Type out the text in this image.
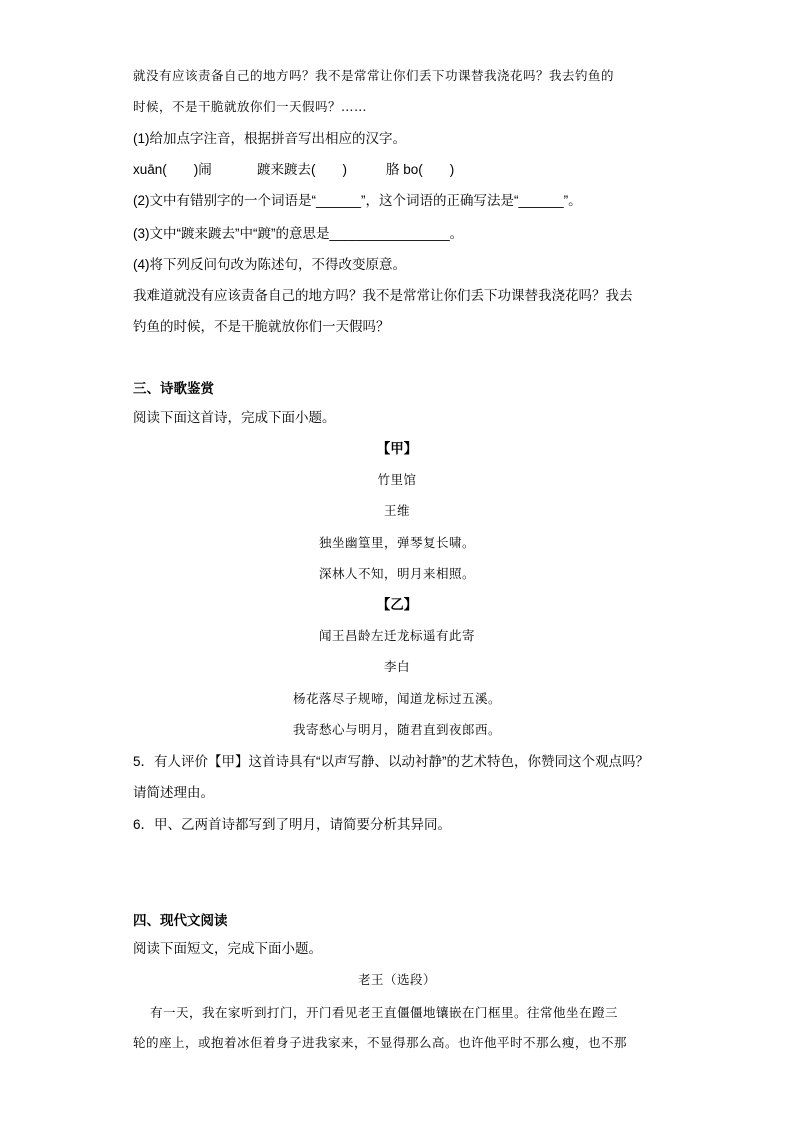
就没有应该责备自己的地方吗？我不是常常让你们丢下功课替我浇花吗？我去钓鱼的
时候，不是干脆就放你们一天假吗？……
(1)给加点字注音，根据拼音写出相应的汉字。
xuān(　　)闹	踱来踱去(　　)	胳 bo(　　)
(2)文中有错别字的一个词语是“______”，这个词语的正确写法是“______”。
(3)文中“踱来踱去”中“踱”的意思是________________。
(4)将下列反问句改为陈述句，不得改变原意。
我难道就没有应该责备自己的地方吗？我不是常常让你们丢下功课替我浇花吗？我去
钓鱼的时候，不是干脆就放你们一天假吗？
三、诗歌鉴赏
阅读下面这首诗，完成下面小题。
【甲】
竹里馆
王维
独坐幽篁里，弹琴复长啸。
深林人不知，明月来相照。
【乙】
闻王昌龄左迁龙标遥有此寄
李白
杨花落尽子规啼，闻道龙标过五溪。
我寄愁心与明月，随君直到夜郎西。
5．有人评价【甲】这首诗具有“以声写静、以动衬静”的艺术特色，你赞同这个观点吗？
请简述理由。
6．甲、乙两首诗都写到了明月，请简要分析其异同。
四、现代文阅读
阅读下面短文，完成下面小题。
老王（选段）
有一天，我在家听到打门，开门看见老王直僵僵地镶嵌在门框里。往常他坐在蹬三
轮的座上，或抱着冰佢着身子进我家来，不显得那么高。也许他平时不那么瘦，也不那
